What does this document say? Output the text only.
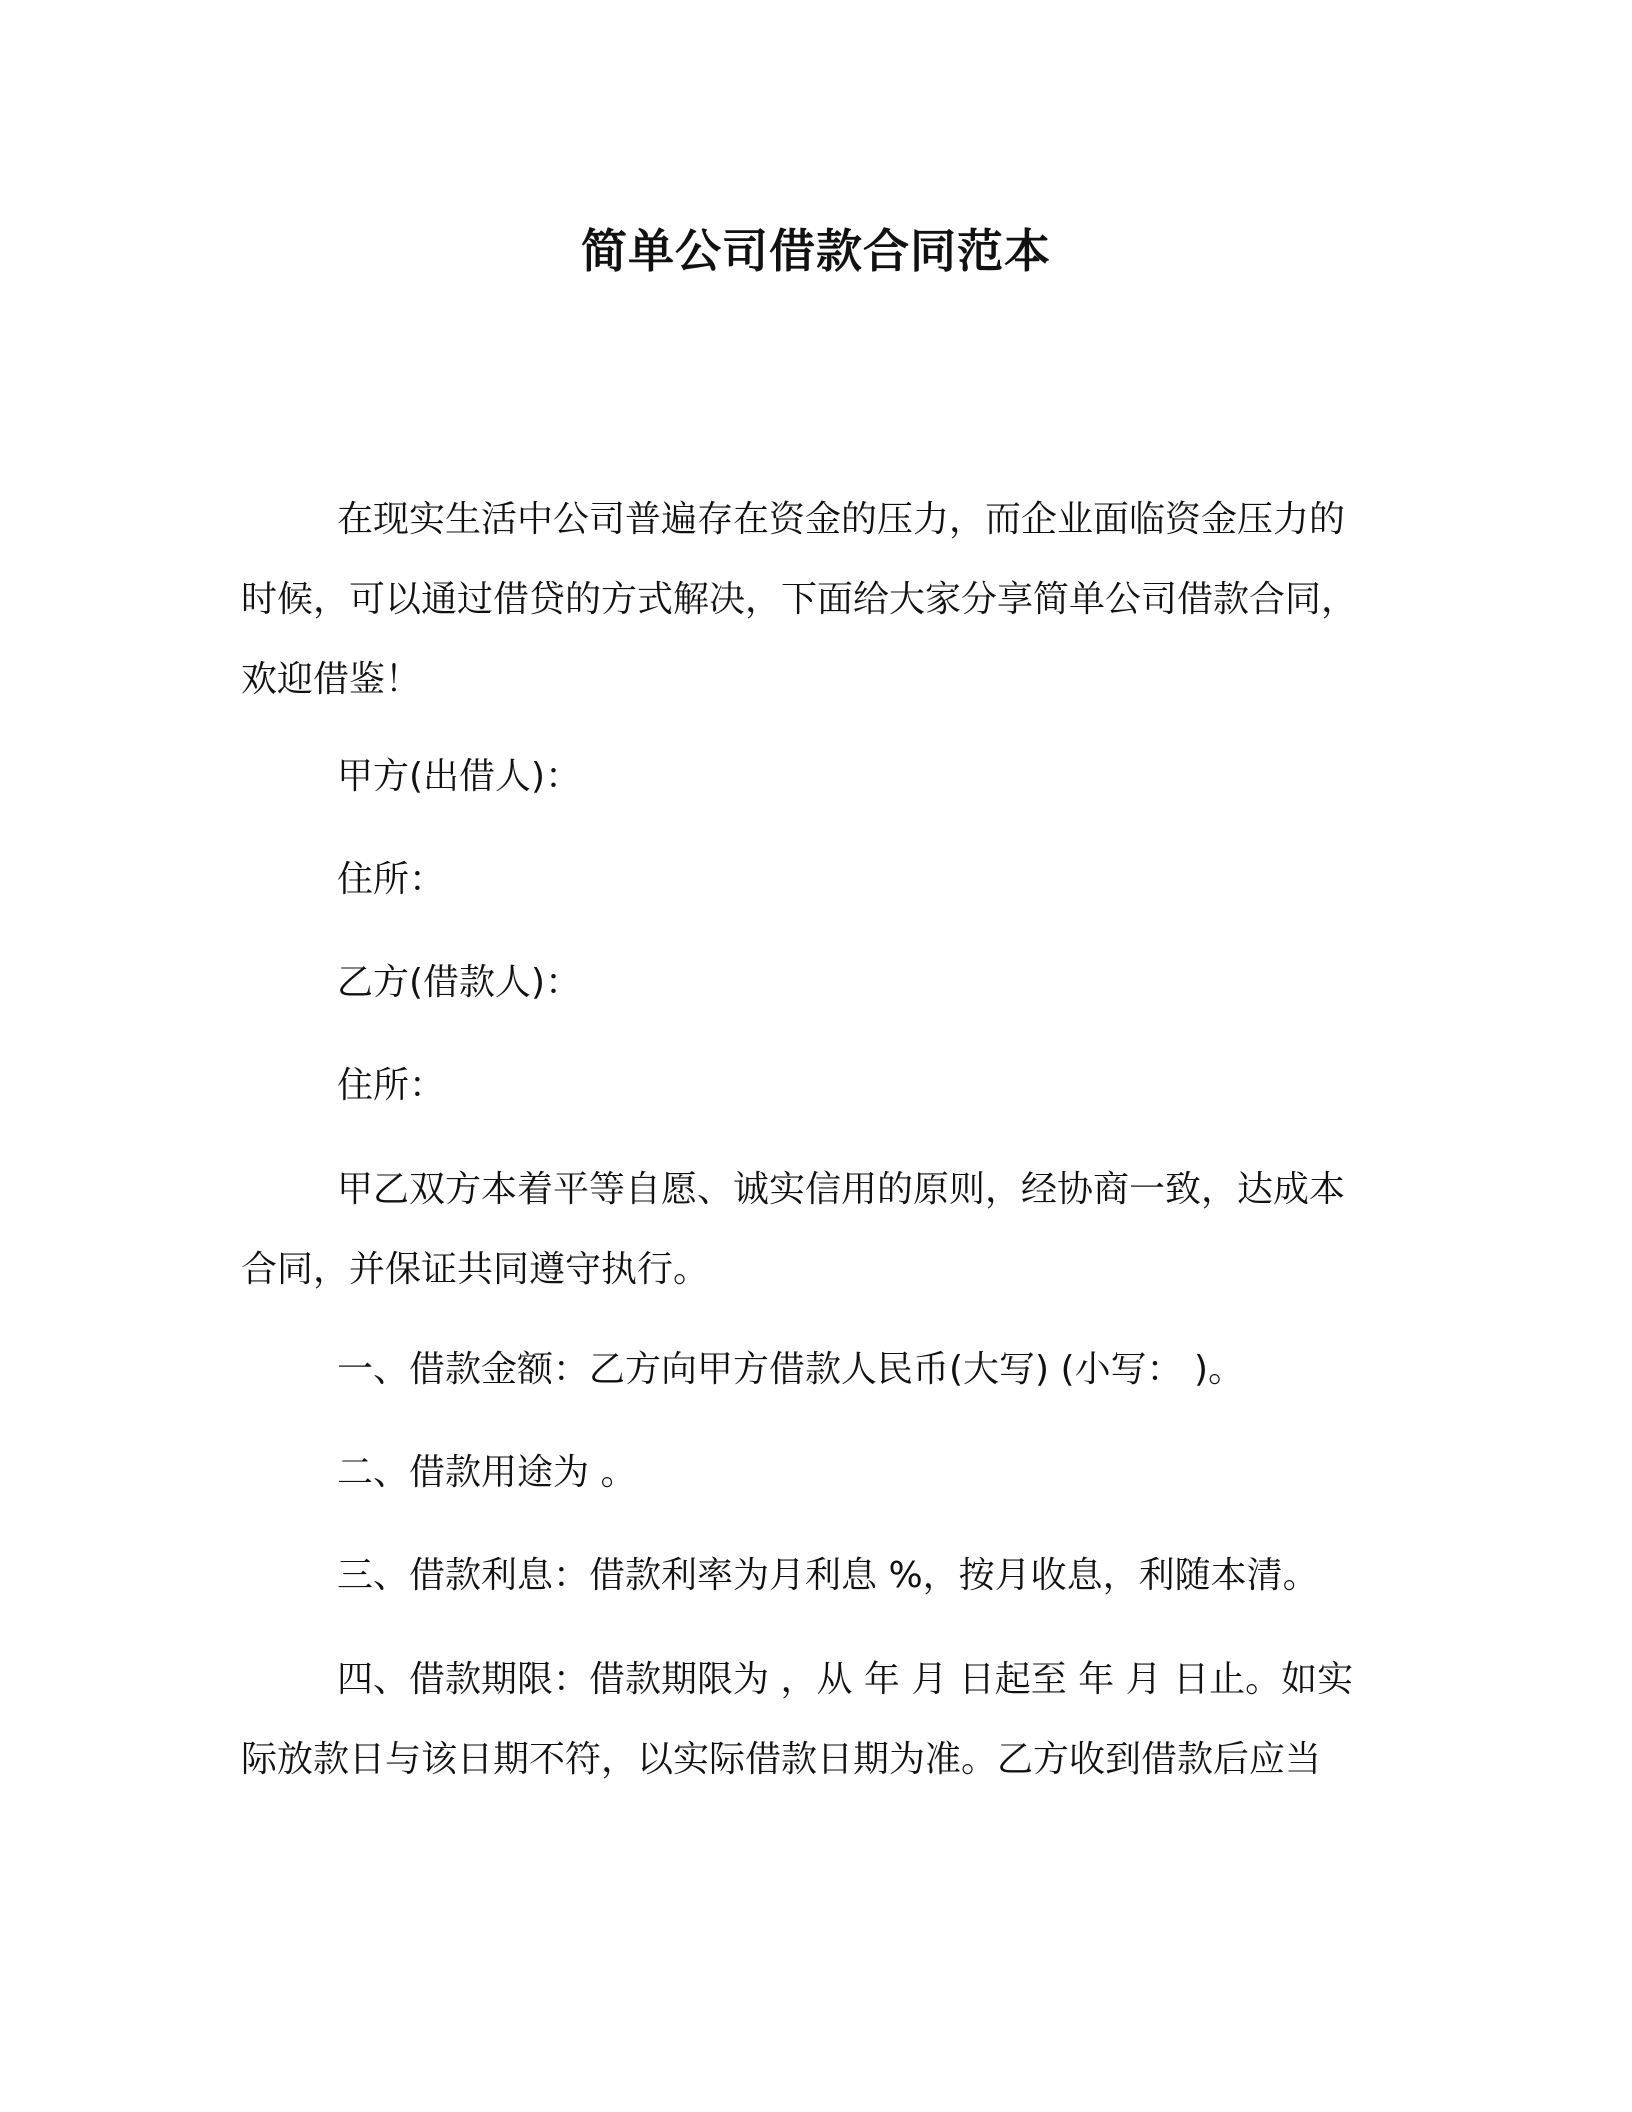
简单公司借款合同范本
在现实生活中公司普遍存在资金的压力，而企业面临资金压力的
时候，可以通过借贷的方式解决，下面给大家分享简单公司借款合同，
欢迎借鉴！
甲方(出借人)：
住所：
乙方(借款人)：
住所：
甲乙双方本着平等自愿、诚实信用的原则，经协商一致，达成本
合同，并保证共同遵守执行。
一、借款金额：乙方向甲方借款人民币(大写) (小写： )。
二、借款用途为 。
三、借款利息：借款利率为月利息 %，按月收息，利随本清。
四、借款期限：借款期限为 ，从 年 月 日起至 年 月 日止。如实
际放款日与该日期不符，以实际借款日期为准。乙方收到借款后应当
